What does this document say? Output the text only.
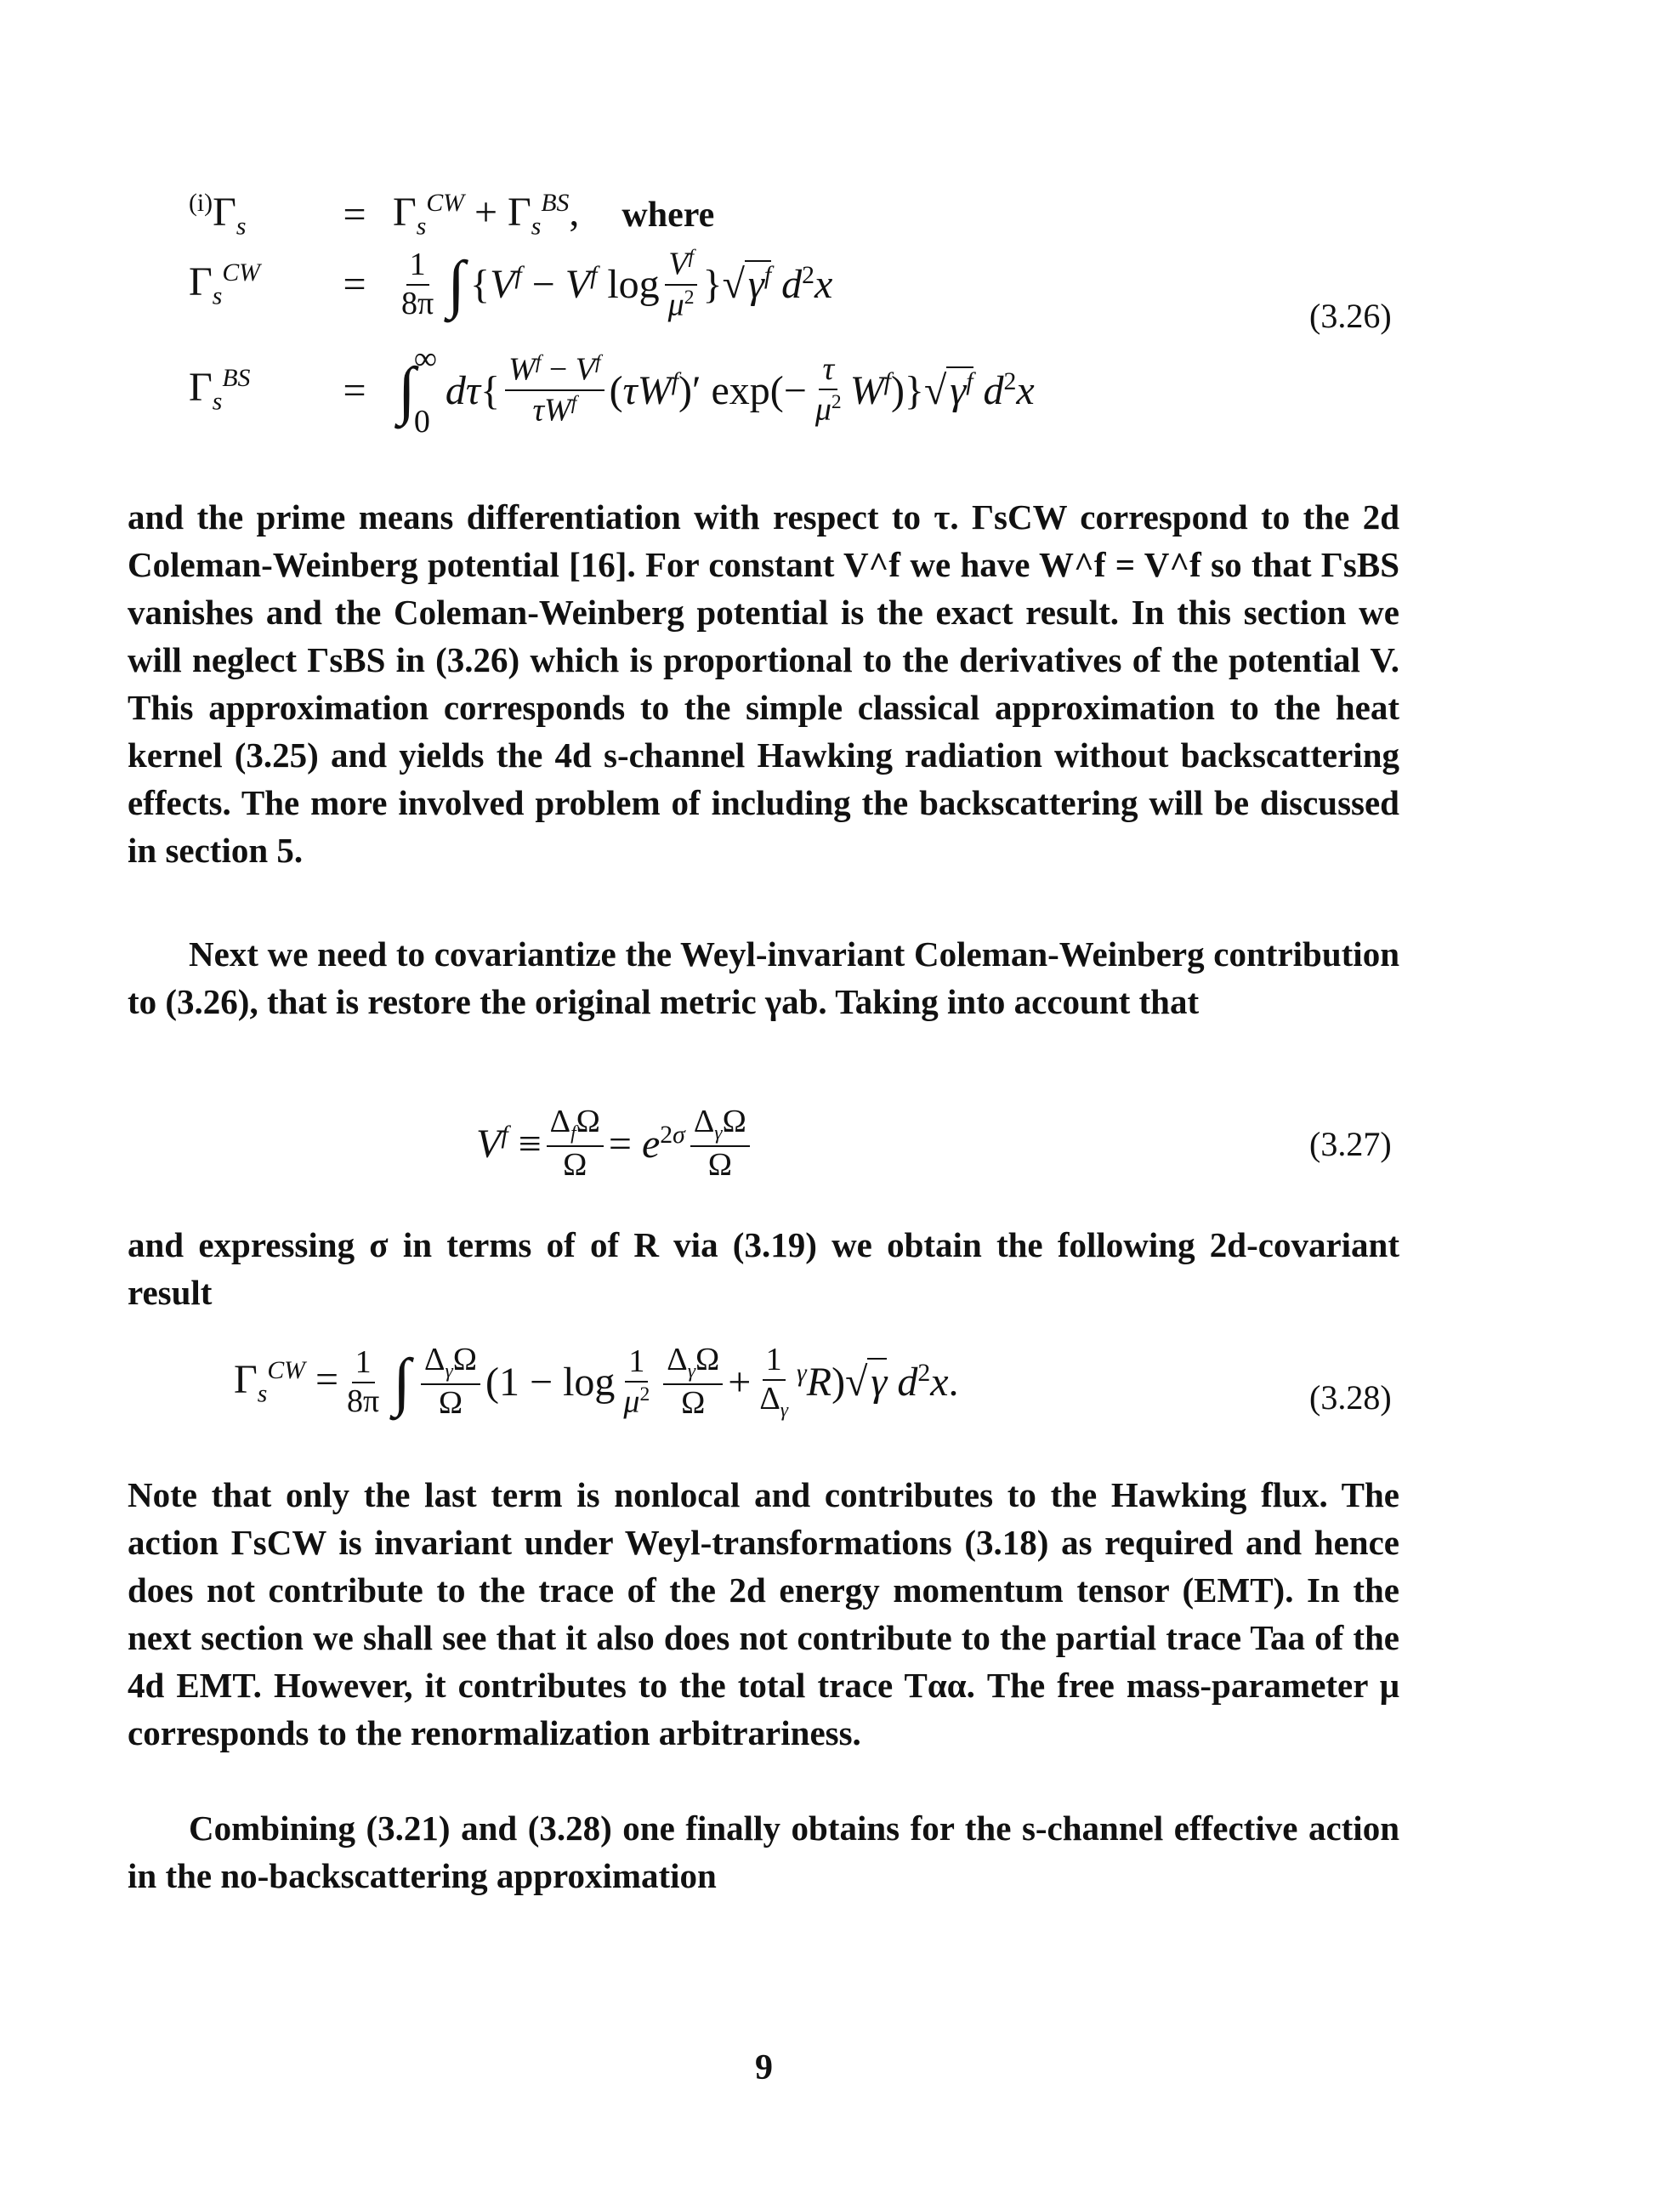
$^{(i)}\Gamma_s$	= $\Gamma_s^{CW} + \Gamma_s^{BS}$, where
$\Gamma_s^{CW}$	= $\frac{1}{8\pi}$ ∫ {$V^f - V^f$ $\log \frac{V^f}{\mu^2} \}√\gamma^f$ $d^2x$
(3.26)
$\Gamma_s^{BS}$	= ∫
∞
0
$d\tau\{ \frac{W^f - V^f}{\tau W^f} (\tau W^f)'$ $\exp(- \frac{\tau}{\mu^2} W^f)\}√\gamma^f$ $d^2x$

and the prime means differentiation with respect to τ. ΓsCW correspond to the 2d Coleman-Weinberg potential [16]. For constant V^f we have W^f = V^f so that ΓsBS vanishes and the Coleman-Weinberg potential is the exact result. In this section we will neglect ΓsBS in (3.26) which is proportional to the derivatives of the potential V. This approximation corresponds to the simple classical approximation to the heat kernel (3.25) and yields the 4d s-channel Hawking radiation without backscattering effects. The more involved problem of including the backscattering will be discussed in section 5.

Next we need to covariantize the Weyl-invariant Coleman-Weinberg contribution to (3.26), that is restore the original metric γab. Taking into account that

$V^f \equiv \frac{\Delta_f\Omega}{\Omega} = e^{2\sigma} \frac{\Delta_\gamma\Omega}{\Omega}$	(3.27)

and expressing σ in terms of of R via (3.19) we obtain the following 2d-covariant result

$\Gamma_s^{CW} = \frac{1}{8\pi}$ ∫ $\frac{\Delta_\gamma\Omega}{\Omega} (1 - \log \frac{1}{\mu^2} \frac{\Delta_\gamma\Omega}{\Omega} + \frac{1}{\Delta_\gamma} ^\gamma R)√\gamma$ $d^2x$.	(3.28)

Note that only the last term is nonlocal and contributes to the Hawking flux. The action ΓsCW is invariant under Weyl-transformations (3.18) as required and hence does not contribute to the trace of the 2d energy momentum tensor (EMT). In the next section we shall see that it also does not contribute to the partial trace Taa of the 4d EMT. However, it contributes to the total trace Tαα. The free mass-parameter μ corresponds to the renormalization arbitrariness.

Combining (3.21) and (3.28) one finally obtains for the s-channel effective action in the no-backscattering approximation

9
